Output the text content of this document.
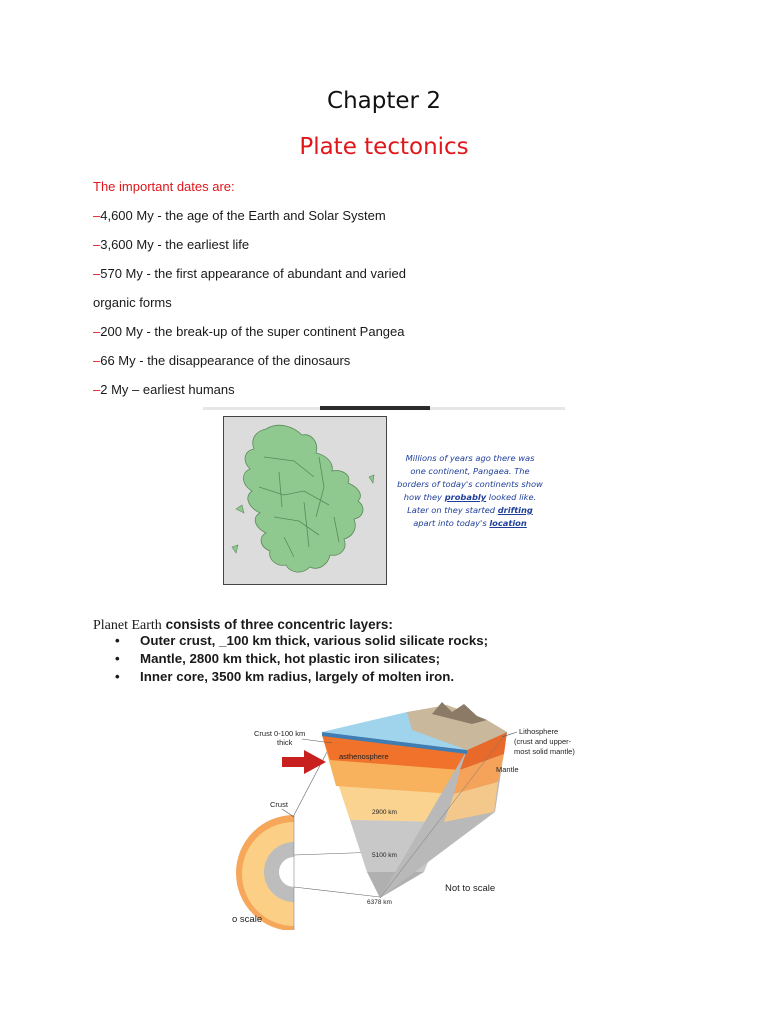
Chapter 2
Plate tectonics
The important dates are:
–4,600 My - the age of the Earth and Solar System
–3,600 My - the earliest life
–570 My - the first appearance of abundant and varied
organic forms
–200 My - the break-up of the super continent Pangea
–66 My - the disappearance of the dinosaurs
–2 My – earliest humans
Millions of years ago there was
one continent, Pangaea. The
borders of today's continents show
how they probably looked like.
Later on they started drifting
apart into today's location
Planet Earth consists of three concentric layers:
• Outer crust, _100 km thick, various solid silicate rocks;
• Mantle, 2800 km thick, hot plastic iron silicates;
• Inner core, 3500 km radius, largely of molten iron.
Crust 0-100 km
thick
asthenosphere
Crust
Lithosphere
(crust and upper-
most solid mantle)
Mantle
2900 km
5100 km
6378 km
Not to scale
o scale
